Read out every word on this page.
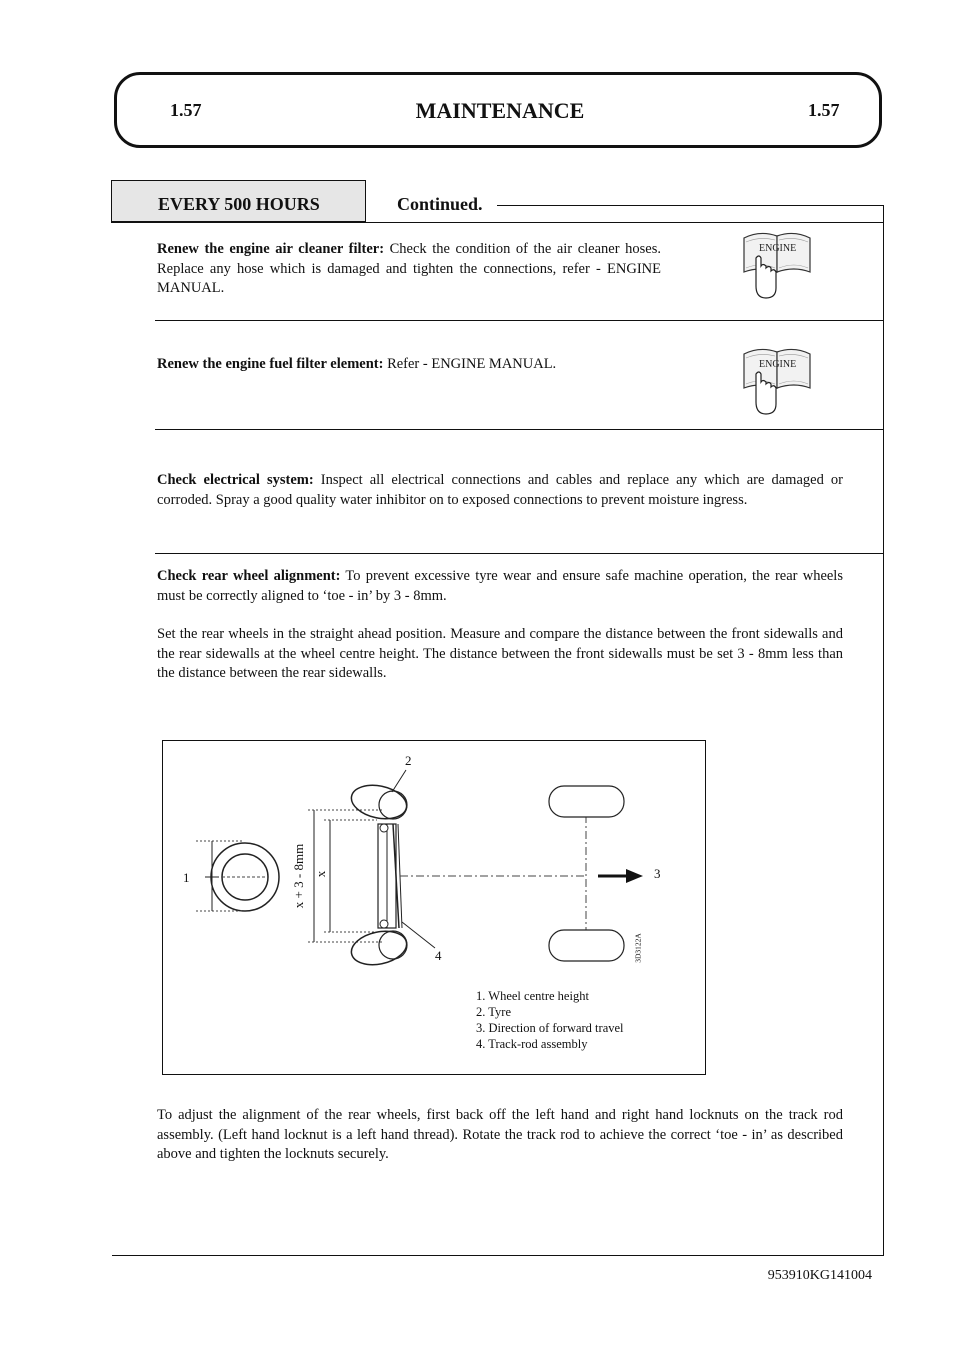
1.57	MAINTENANCE	1.57
EVERY 500 HOURS	Continued.
Renew the engine air cleaner filter: Check the condition of the air cleaner hoses. Replace any hose which is damaged and tighten the connections, refer - ENGINE MANUAL.
ENGINE
Renew the engine fuel filter element: Refer - ENGINE MANUAL.	ENGINE
Check electrical system: Inspect all electrical connections and cables and replace any which are damaged or corroded. Spray a good quality water inhibitor on to exposed connections to prevent moisture ingress.
Check rear wheel alignment: To prevent excessive tyre wear and ensure safe machine operation, the rear wheels must be correctly aligned to ‘toe - in’ by 3 - 8mm.
Set the rear wheels in the straight ahead position. Measure and compare the distance between the front sidewalls and the rear sidewalls at the wheel centre height. The distance between the front sidewalls must be set 3 - 8mm less than the distance between the rear sidewalls.
1
2
3
4
x + 3 - 8mm x
3D3122A
1. Wheel centre height
2. Tyre
3. Direction of forward travel
4. Track-rod assembly
To adjust the alignment of the rear wheels, first back off the left hand and right hand locknuts on the track rod assembly. (Left hand locknut is a left hand thread). Rotate the track rod to achieve the correct ‘toe - in’ as described above and tighten the locknuts securely.
953910KG141004
